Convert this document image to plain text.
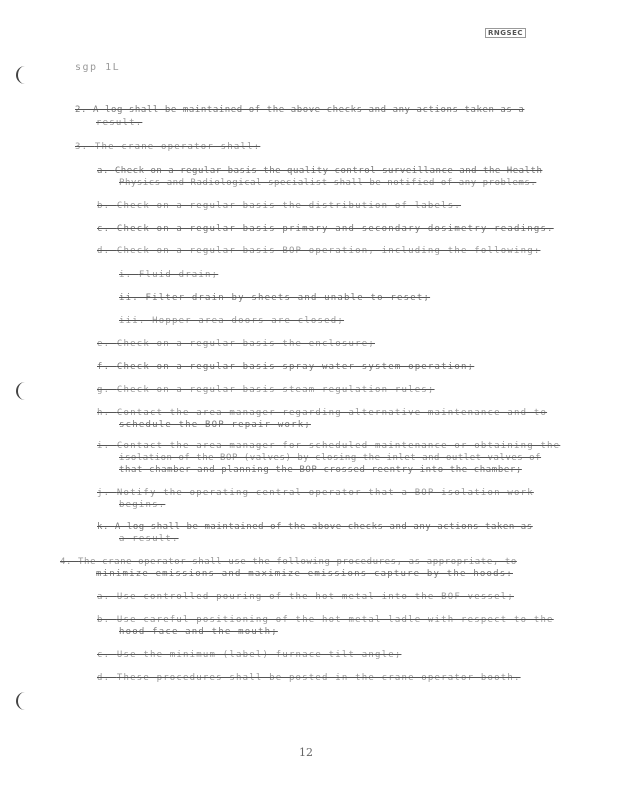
RNGSEC
sgp 1L
2. A log shall be maintained of the above checks and any actions taken as a
result.
3. The crane operator shall:
a. Check on a regular basis the quality control surveillance and the Health
Physics and Radiological specialist shall be notified of any problems.
b. Check on a regular basis the distribution of labels.
c. Check on a regular basis primary and secondary dosimetry readings.
d. Check on a regular basis BOP operation, including the following:
i. Fluid drain;
ii. Filter drain by sheets and unable to reset;
iii. Hopper area doors are closed;
e. Check on a regular basis the enclosure;
f. Check on a regular basis spray water system operation;
g. Check on a regular basis steam regulation rules;
h. Contact the area manager regarding alternative maintenance and to
schedule the BOP repair work;
i. Contact the area manager for scheduled maintenance or obtaining the
isolation of the BOP (valves) by closing the inlet and outlet valves of
that chamber and planning the BOP crossed reentry into the chamber;
j. Notify the operating central operator that a BOP isolation work
begins.
k. A log shall be maintained of the above checks and any actions taken as
a result.
4. The crane operator shall use the following procedures, as appropriate, to
minimize emissions and maximize emissions capture by the hoods:
a. Use controlled pouring of the hot metal into the BOF vessel;
b. Use careful positioning of the hot metal ladle with respect to the
hood face and the mouth;
c. Use the minimum (label) furnace tilt angle;
d. These procedures shall be posted in the crane operator booth.
12
